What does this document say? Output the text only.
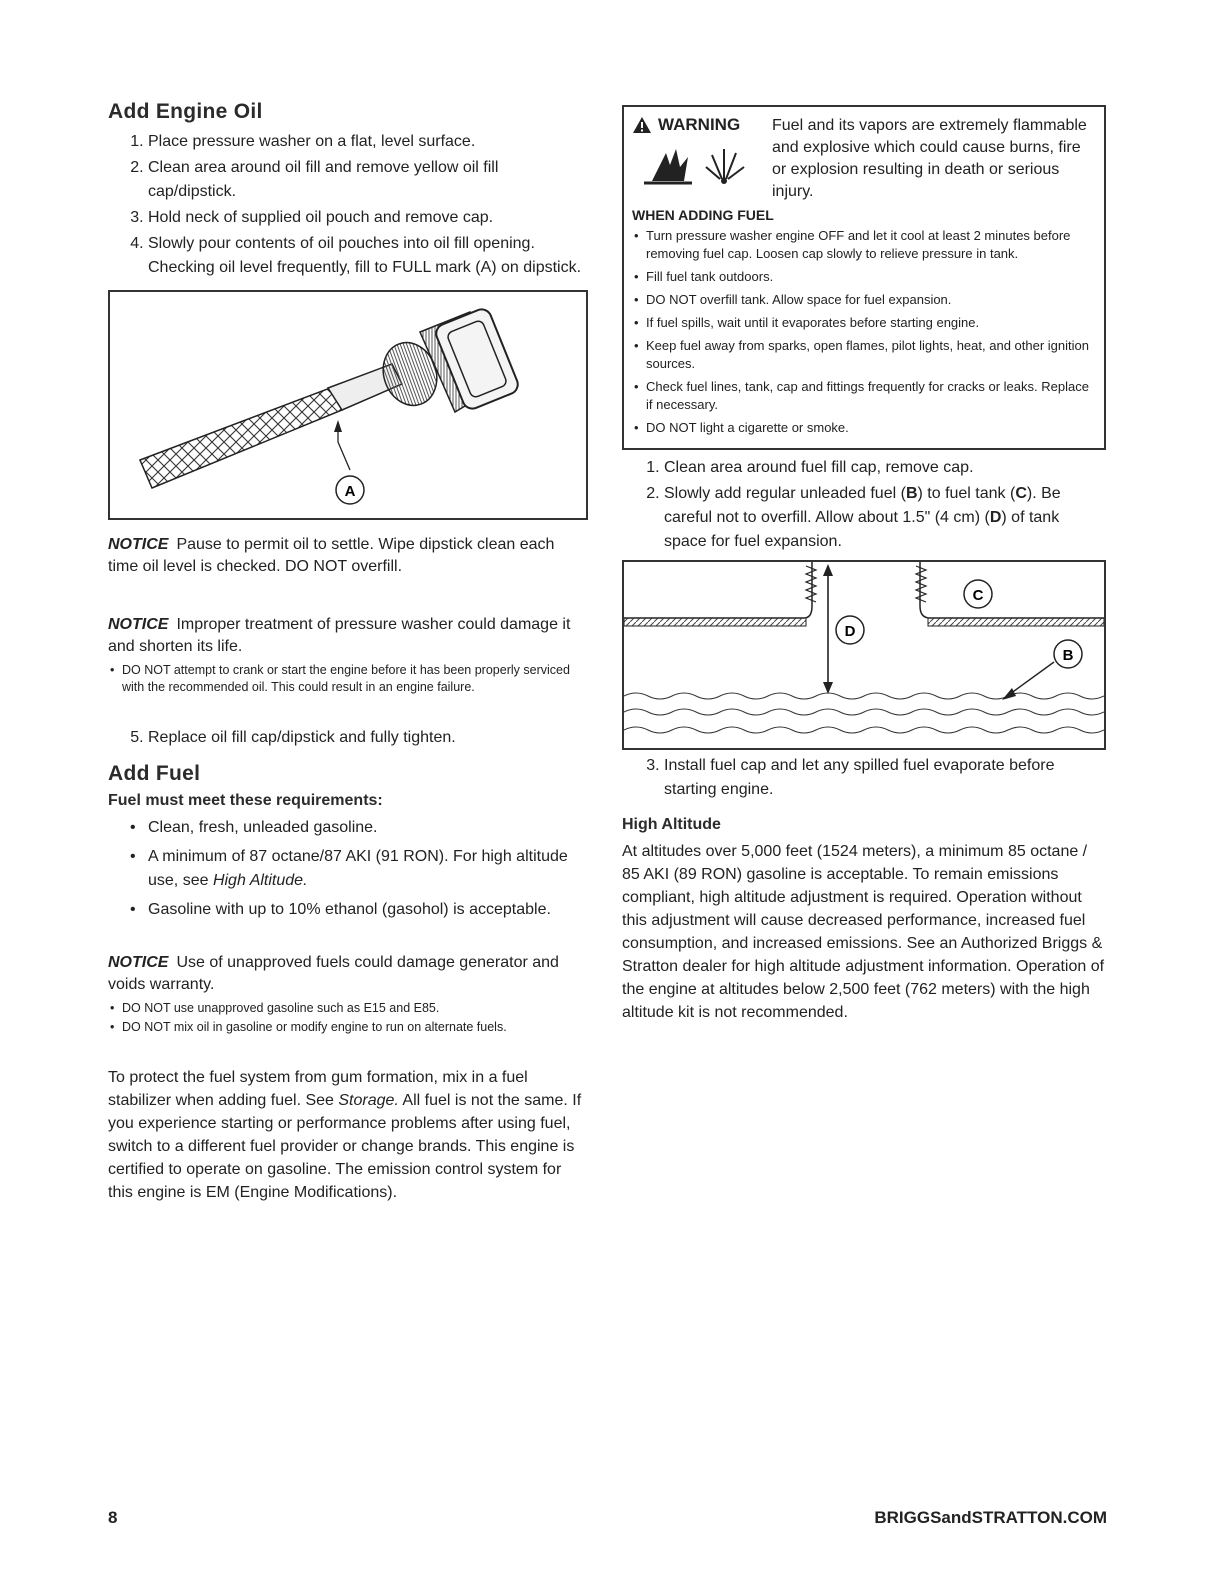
Add Engine Oil
1. Place pressure washer on a flat, level surface.
2. Clean area around oil fill and remove yellow oil fill cap/dipstick.
3. Hold neck of supplied oil pouch and remove cap.
4. Slowly pour contents of oil pouches into oil fill opening. Checking oil level frequently, fill to FULL mark (A) on dipstick.
A

NOTICE Pause to permit oil to settle. Wipe dipstick clean each time oil level is checked. DO NOT overfill.

NOTICE Improper treatment of pressure washer could damage it and shorten its life.

• DO NOT attempt to crank or start the engine before it has been properly serviced with the recommended oil. This could result in an engine failure.
5. Replace oil fill cap/dipstick and fully tighten.
Add Fuel
Fuel must meet these requirements:
• Clean, fresh, unleaded gasoline.
• A minimum of 87 octane/87 AKI (91 RON). For high altitude use, see High Altitude.
• Gasoline with up to 10% ethanol (gasohol) is acceptable.

NOTICE Use of unapproved fuels could damage generator and voids warranty.

• DO NOT use unapproved gasoline such as E15 and E85.
• DO NOT mix oil in gasoline or modify engine to run on alternate fuels.

To protect the fuel system from gum formation, mix in a fuel stabilizer when adding fuel. See Storage. All fuel is not the same. If you experience starting or performance problems after using fuel, switch to a different fuel provider or change brands. This engine is certified to operate on gasoline. The emission control system for this engine is EM (Engine Modifications).

WARNING Fuel and its vapors are extremely flammable and explosive which could cause burns, fire or explosion resulting in death or serious injury.
WHEN ADDING FUEL
• Turn pressure washer engine OFF and let it cool at least 2 minutes before removing fuel cap. Loosen cap slowly to relieve pressure in tank.
• Fill fuel tank outdoors.
• DO NOT overfill tank. Allow space for fuel expansion.
• If fuel spills, wait until it evaporates before starting engine.
• Keep fuel away from sparks, open flames, pilot lights, heat, and other ignition sources.
• Check fuel lines, tank, cap and fittings frequently for cracks or leaks. Replace if necessary.
• DO NOT light a cigarette or smoke.
1. Clean area around fuel fill cap, remove cap.
2. Slowly add regular unleaded fuel (B) to fuel tank (C). Be careful not to overfill. Allow about 1.5" (4 cm) (D) of tank space for fuel expansion.
C
D
B
3. Install fuel cap and let any spilled fuel evaporate before starting engine.
High Altitude

At altitudes over 5,000 feet (1524 meters), a minimum 85 octane / 85 AKI (89 RON) gasoline is acceptable. To remain emissions compliant, high altitude adjustment is required. Operation without this adjustment will cause decreased performance, increased fuel consumption, and increased emissions. See an Authorized Briggs & Stratton dealer for high altitude adjustment information. Operation of the engine at altitudes below 2,500 feet (762 meters) with the high altitude kit is not recommended.

8	BRIGGSandSTRATTON.COM
